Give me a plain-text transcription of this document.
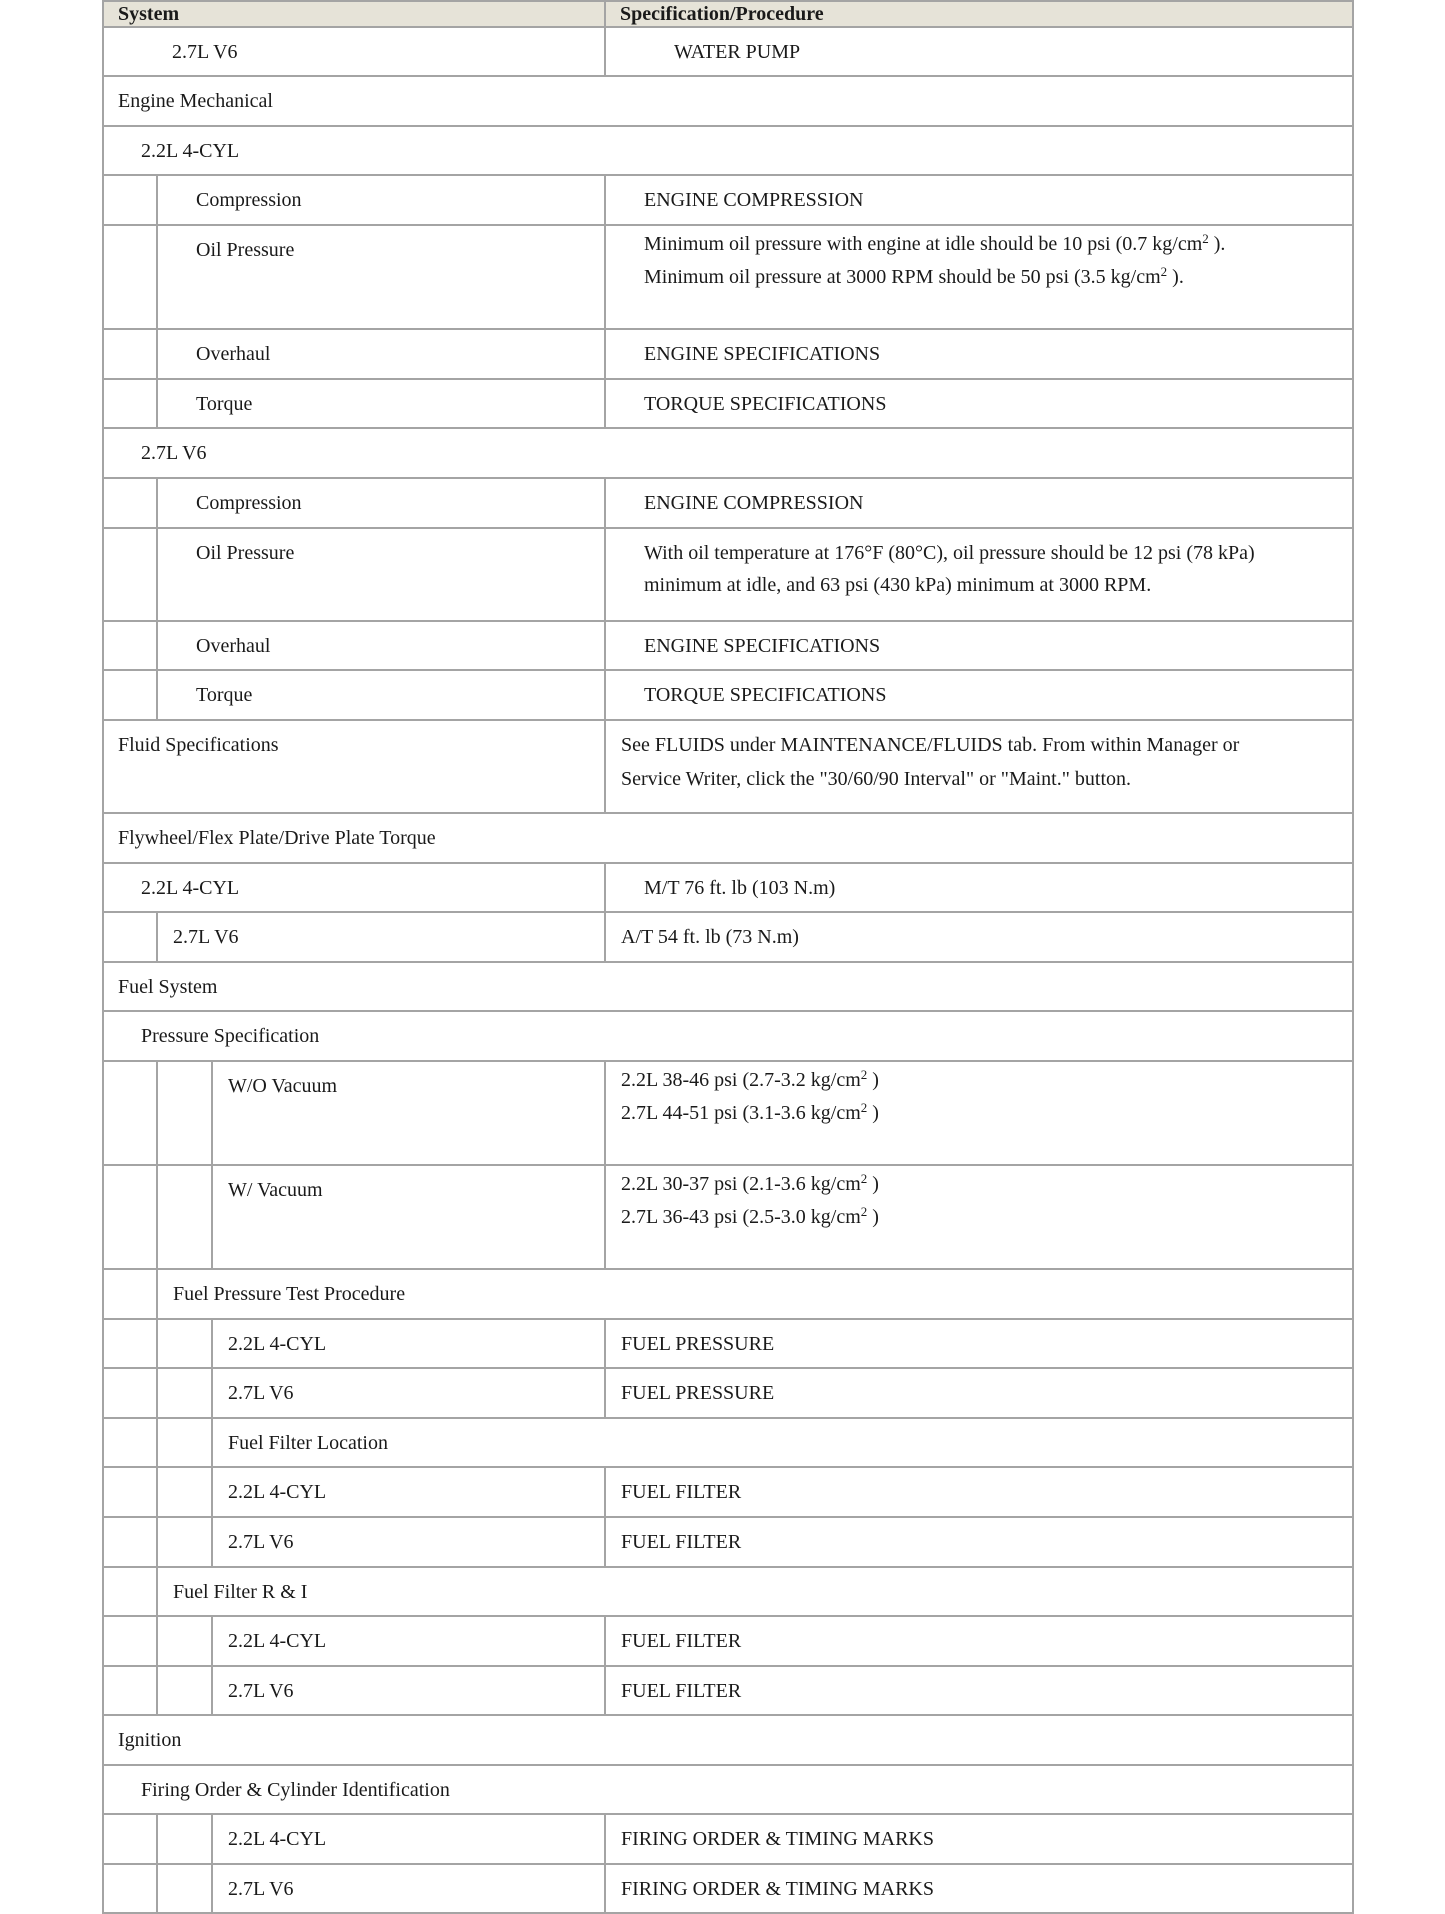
System			Specification/Procedure
2.7L V6			WATER PUMP
Engine Mechanical			
2.2L 4-CYL			
	Compression		ENGINE COMPRESSION
	Oil Pressure		Minimum oil pressure with engine at idle should be 10 psi (0.7 $kg/cm^2$ ).
Minimum oil pressure at 3000 RPM should be 50 psi (3.5 $kg/cm^2$ ).

	Overhaul		ENGINE SPECIFICATIONS
	Torque		TORQUE SPECIFICATIONS
2.7L V6			
	Compression		ENGINE COMPRESSION
	Oil Pressure		With oil temperature at 176°F (80°C), oil pressure should be 12 psi (78 kPa)
minimum at idle, and 63 psi (430 kPa) minimum at 3000 RPM.

	Overhaul		ENGINE SPECIFICATIONS
	Torque		TORQUE SPECIFICATIONS
Fluid Specifications			See FLUIDS under MAINTENANCE/FLUIDS tab. From within Manager or
Service Writer, click the "30/60/90 Interval" or "Maint." button.

Flywheel/Flex Plate/Drive Plate Torque			
2.2L 4-CYL			M/T 76 ft. lb (103 N.m)
	2.7L V6		A/T 54 ft. lb (73 N.m)
Fuel System			
Pressure Specification			
		W/O Vacuum	2.2L 38-46 psi (2.7-3.2 $kg/cm^2$ )
2.7L 44-51 psi (3.1-3.6 $kg/cm^2$ )

		W/ Vacuum	2.2L 30-37 psi (2.1-3.6 $kg/cm^2$ )
2.7L 36-43 psi (2.5-3.0 $kg/cm^2$ )

	Fuel Pressure Test Procedure		
		2.2L 4-CYL	FUEL PRESSURE
		2.7L V6	FUEL PRESSURE
		Fuel Filter Location	
		2.2L 4-CYL	FUEL FILTER
		2.7L V6	FUEL FILTER
	Fuel Filter R & I		
		2.2L 4-CYL	FUEL FILTER
		2.7L V6	FUEL FILTER
Ignition			
Firing Order & Cylinder Identification			
		2.2L 4-CYL	FIRING ORDER & TIMING MARKS
		2.7L V6	FIRING ORDER & TIMING MARKS
